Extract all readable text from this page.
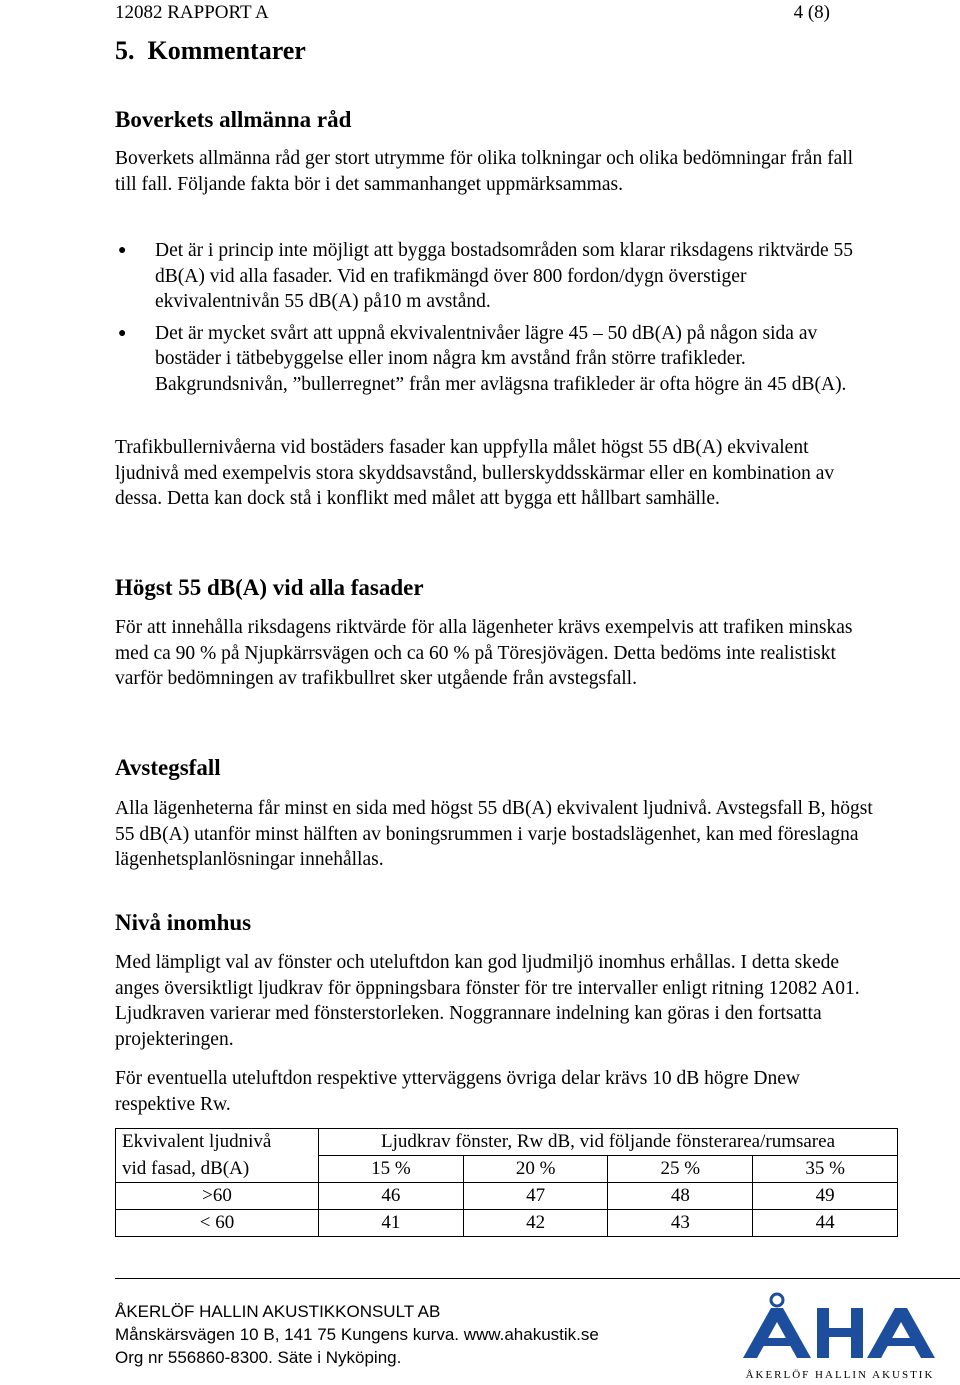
12082 RAPPORT A	4 (8)
5.  Kommentarer
Boverkets allmänna råd

Boverkets allmänna råd ger stort utrymme för olika tolkningar och olika bedömningar från fall till fall. Följande fakta bör i det sammanhanget uppmärksammas.

● Det är i princip inte möjligt att bygga bostadsområden som klarar riksdagens riktvärde 55 dB(A) vid alla fasader. Vid en trafikmängd över 800 fordon/dygn överstiger ekvivalentnivån 55 dB(A) på10 m avstånd.
● Det är mycket svårt att uppnå ekvivalentnivåer lägre 45 – 50 dB(A) på någon sida av bostäder i tätbebyggelse eller inom några km avstånd från större trafikleder. Bakgrundsnivån, ”bullerregnet” från mer avlägsna trafikleder är ofta högre än 45 dB(A).

Trafikbullernivåerna vid bostäders fasader kan uppfylla målet högst 55 dB(A) ekvivalent ljudnivå med exempelvis stora skyddsavstånd, bullerskyddsskärmar eller en kombination av dessa. Detta kan dock stå i konflikt med målet att bygga ett hållbart samhälle.

Högst 55 dB(A) vid alla fasader

För att innehålla riksdagens riktvärde för alla lägenheter krävs exempelvis att trafiken minskas med ca 90 % på Njupkärrsvägen och ca 60 % på Töresjövägen. Detta bedöms inte realistiskt varför bedömningen av trafikbullret sker utgående från avstegsfall.

Avstegsfall

Alla lägenheterna får minst en sida med högst 55 dB(A) ekvivalent ljudnivå. Avstegsfall B, högst 55 dB(A) utanför minst hälften av boningsrummen i varje bostadslägenhet, kan med föreslagna lägenhetsplanlösningar innehållas.

Nivå inomhus

Med lämpligt val av fönster och uteluftdon kan god ljudmiljö inomhus erhållas. I detta skede anges översiktligt ljudkrav för öppningsbara fönster för tre intervaller enligt ritning 12082 A01. Ljudkraven varierar med fönsterstorleken. Noggrannare indelning kan göras i den fortsatta projekteringen.

För eventuella uteluftdon respektive ytterväggens övriga delar krävs 10 dB högre Dnew respektive Rw.

Ekvivalent ljudnivå	Ljudkrav fönster, Rw dB, vid följande fönsterarea/rumsarea			
vid fasad, dB(A)	15 %	20 %	25 %	35 %
>60	46	47	48	49
< 60	41	42	43	44
ÅKERLÖF HALLIN AKUSTIKKONSULT AB
Månskärsvägen 10 B, 141 75 Kungens kurva. www.ahakustik.se
Org nr 556860-8300. Säte i Nyköping.
ÅKERLÖF HALLIN AKUSTIK
